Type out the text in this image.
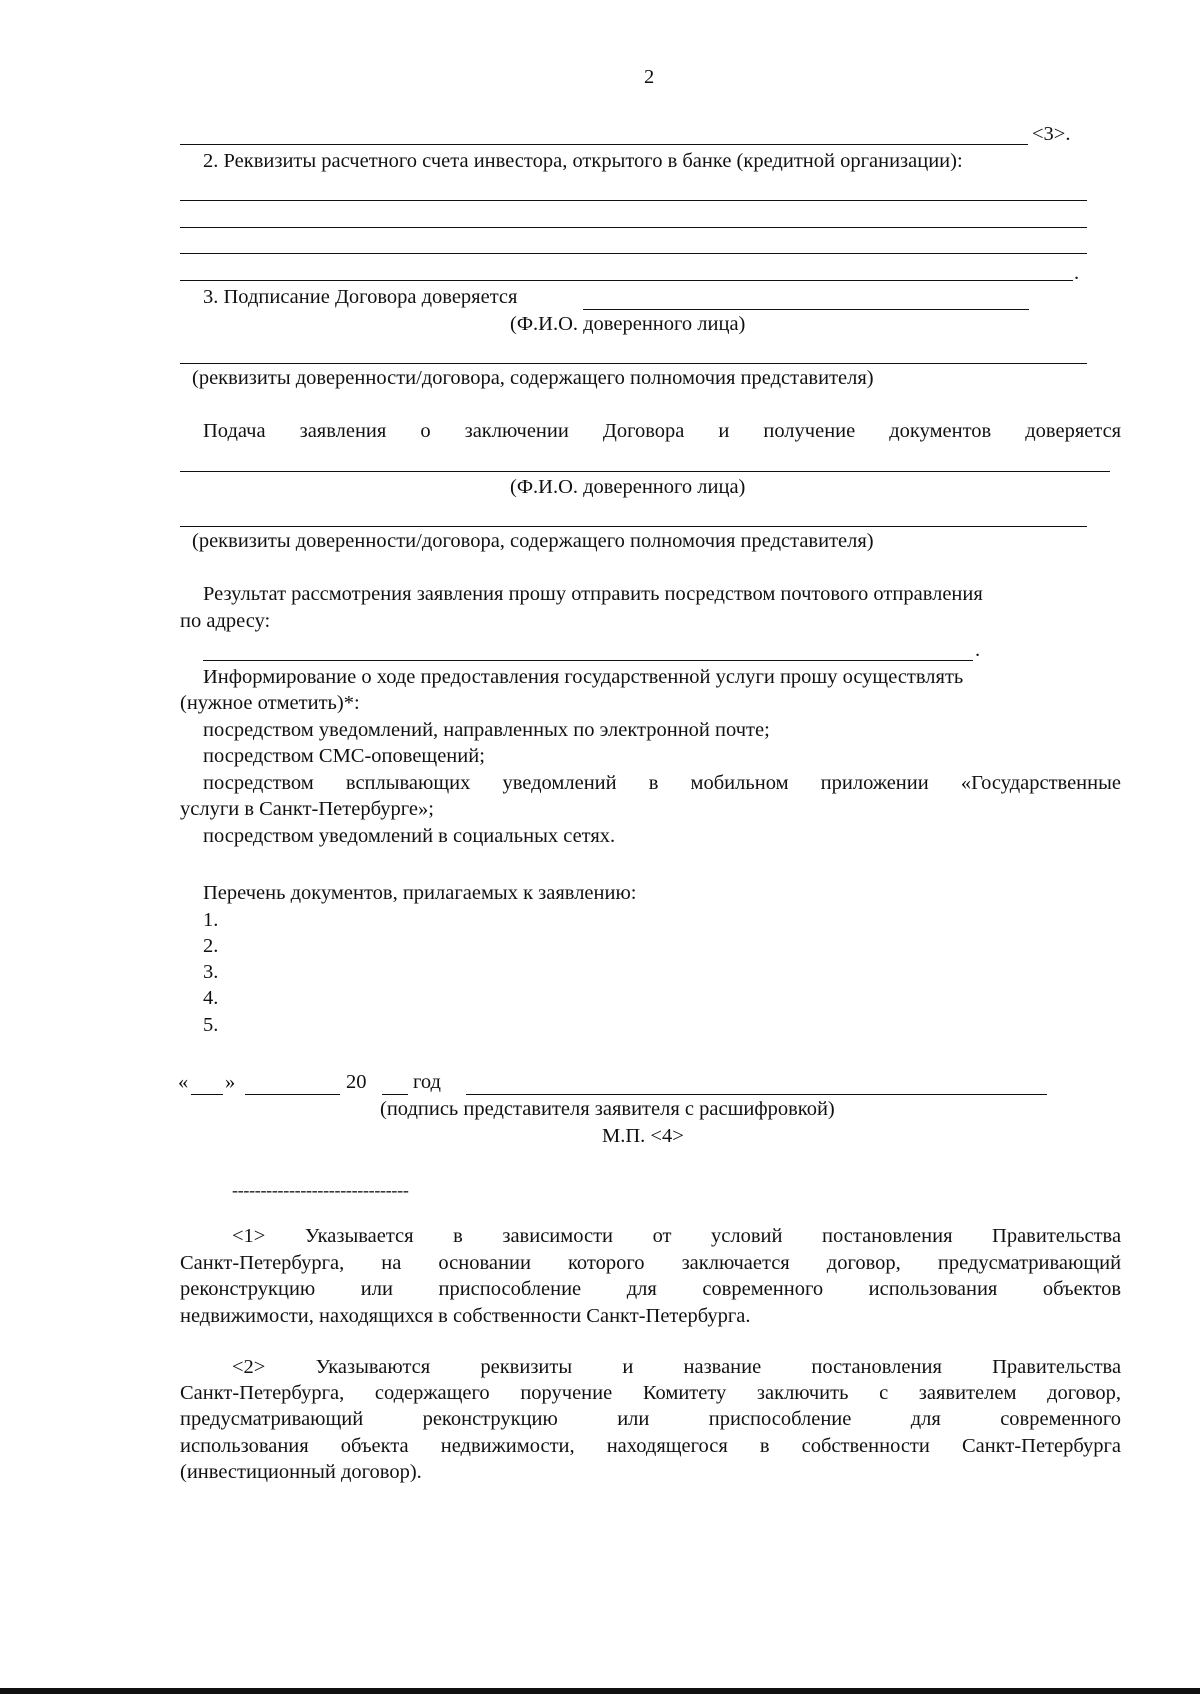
2
<3>.
2. Реквизиты расчетного счета инвестора, открытого в банке (кредитной организации):
.
3. Подписание Договора доверяется
(Ф.И.О. доверенного лица)
(реквизиты доверенности/договора, содержащего полномочия представителя)
Подача заявления о заключении Договора и получение документов доверяется
(Ф.И.О. доверенного лица)
(реквизиты доверенности/договора, содержащего полномочия представителя)
Результат рассмотрения заявления прошу отправить посредством почтового отправления
по адресу:
.
Информирование о ходе предоставления государственной услуги прошу осуществлять
(нужное отметить)*:
посредством уведомлений, направленных по электронной почте;
посредством СМС-оповещений;
посредством всплывающих уведомлений в мобильном приложении «Государственные
услуги в Санкт-Петербурге»;
посредством уведомлений в социальных сетях.
Перечень документов, прилагаемых к заявлению:
1.
2.
3.
4.
5.
« »	20 год
(подпись представителя заявителя с расшифровкой)
М.П. <4>
-------------------------------
<1> Указывается в зависимости от условий постановления Правительства
Санкт-Петербурга, на основании которого заключается договор, предусматривающий
реконструкцию или приспособление для современного использования объектов
недвижимости, находящихся в собственности Санкт-Петербурга.
<2> Указываются реквизиты и название постановления Правительства
Санкт-Петербурга, содержащего поручение Комитету заключить с заявителем договор,
предусматривающий	реконструкцию	или	приспособление	для	современного
использования объекта недвижимости, находящегося в собственности Санкт-Петербурга
(инвестиционный договор).
